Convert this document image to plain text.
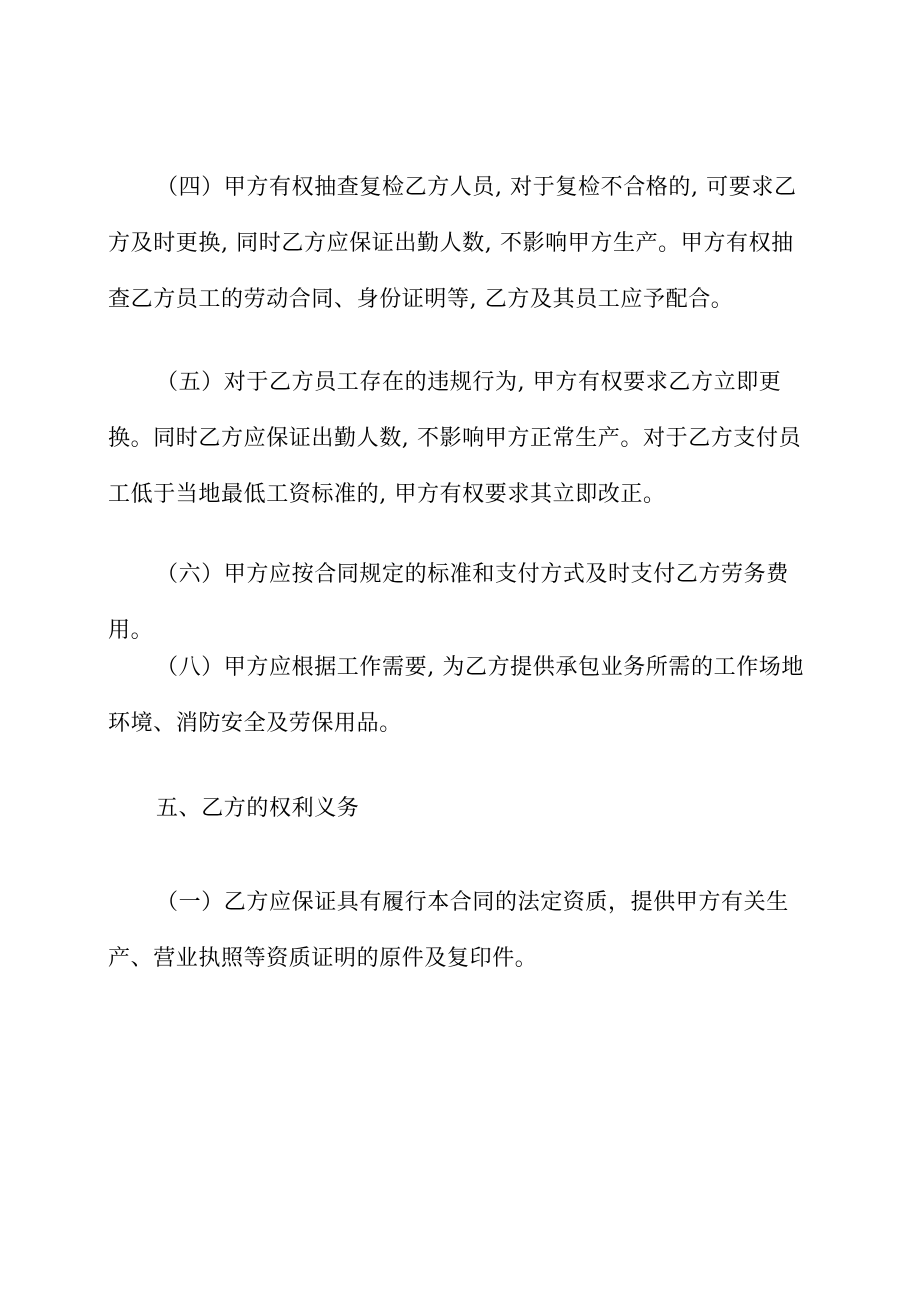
（四）甲方有权抽查复检乙方人员, 对于复检不合格的, 可要求乙方及时更换, 同时乙方应保证出勤人数, 不影响甲方生产。甲方有权抽查乙方员工的劳动合同、身份证明等, 乙方及其员工应予配合。

（五）对于乙方员工存在的违规行为, 甲方有权要求乙方立即更换。同时乙方应保证出勤人数, 不影响甲方正常生产。对于乙方支付员工低于当地最低工资标准的, 甲方有权要求其立即改正。

（六）甲方应按合同规定的标准和支付方式及时支付乙方劳务费用。

（八）甲方应根据工作需要, 为乙方提供承包业务所需的工作场地环境、消防安全及劳保用品。

五、乙方的权利义务

（一）乙方应保证具有履行本合同的法定资质，提供甲方有关生产、营业执照等资质证明的原件及复印件。
